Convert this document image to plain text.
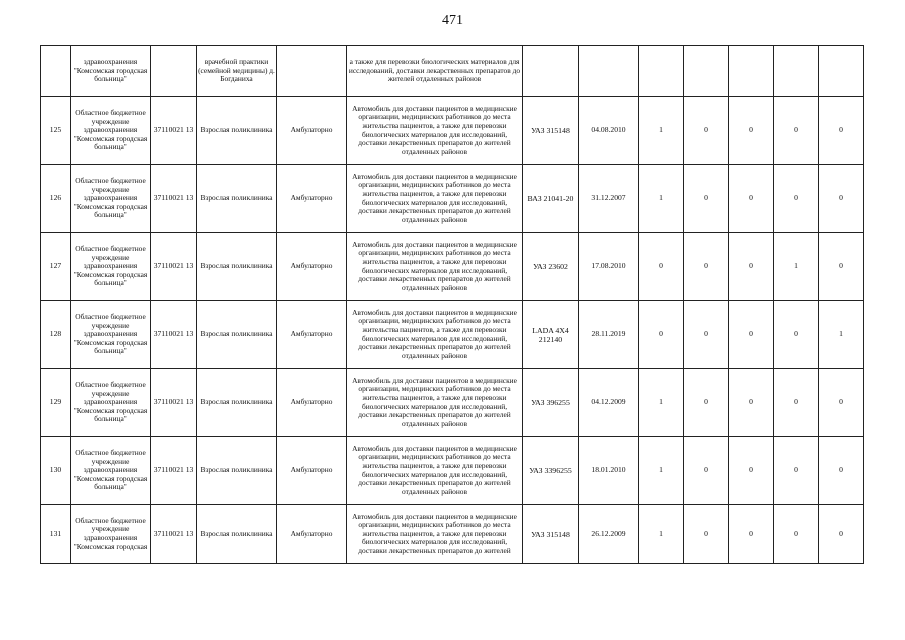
471
	здравоохранения "Комсомская городская больница"		врачебной практики (семейной медицины) д. Богданиха		а также для перевозки биологических материалов для исследований, доставки лекарственных препаратов до жителей отдаленных районов							
125	Областное бюджетное учреждение здравоохранения "Комсомская городская больница"	37110021 13	Взрослая поликлиника	Амбулаторно	Автомобиль для доставки пациентов в медицинские организации, медицинских работников до места жительства пациентов, а также для перевозки биологических материалов для исследований, доставки лекарственных препаратов до жителей отдаленных районов	УАЗ 315148	04.08.2010	1	0	0	0	0
126	Областное бюджетное учреждение здравоохранения "Комсомская городская больница"	37110021 13	Взрослая поликлиника	Амбулаторно	Автомобиль для доставки пациентов в медицинские организации, медицинских работников до места жительства пациентов, а также для перевозки биологических материалов для исследований, доставки лекарственных препаратов до жителей отдаленных районов	ВАЗ 21041-20	31.12.2007	1	0	0	0	0
127	Областное бюджетное учреждение здравоохранения "Комсомская городская больница"	37110021 13	Взрослая поликлиника	Амбулаторно	Автомобиль для доставки пациентов в медицинские организации, медицинских работников до места жительства пациентов, а также для перевозки биологических материалов для исследований, доставки лекарственных препаратов до жителей отдаленных районов	УАЗ 23602	17.08.2010	0	0	0	1	0
128	Областное бюджетное учреждение здравоохранения "Комсомская городская больница"	37110021 13	Взрослая поликлиника	Амбулаторно	Автомобиль для доставки пациентов в медицинские организации, медицинских работников до места жительства пациентов, а также для перевозки биологических материалов для исследований, доставки лекарственных препаратов до жителей отдаленных районов	LADA 4X4 212140	28.11.2019	0	0	0	0	1
129	Областное бюджетное учреждение здравоохранения "Комсомская городская больница"	37110021 13	Взрослая поликлиника	Амбулаторно	Автомобиль для доставки пациентов в медицинские организации, медицинских работников до места жительства пациентов, а также для перевозки биологических материалов для исследований, доставки лекарственных препаратов до жителей отдаленных районов	УАЗ 396255	04.12.2009	1	0	0	0	0
130	Областное бюджетное учреждение здравоохранения "Комсомская городская больница"	37110021 13	Взрослая поликлиника	Амбулаторно	Автомобиль для доставки пациентов в медицинские организации, медицинских работников до места жительства пациентов, а также для перевозки биологических материалов для исследований, доставки лекарственных препаратов до жителей отдаленных районов	УАЗ 3396255	18.01.2010	1	0	0	0	0
131	Областное бюджетное учреждение здравоохранения "Комсомская городская	37110021 13	Взрослая поликлиника	Амбулаторно	Автомобиль для доставки пациентов в медицинские организации, медицинских работников до места жительства пациентов, а также для перевозки биологических материалов для исследований, доставки лекарственных препаратов до жителей	УАЗ 315148	26.12.2009	1	0	0	0	0
